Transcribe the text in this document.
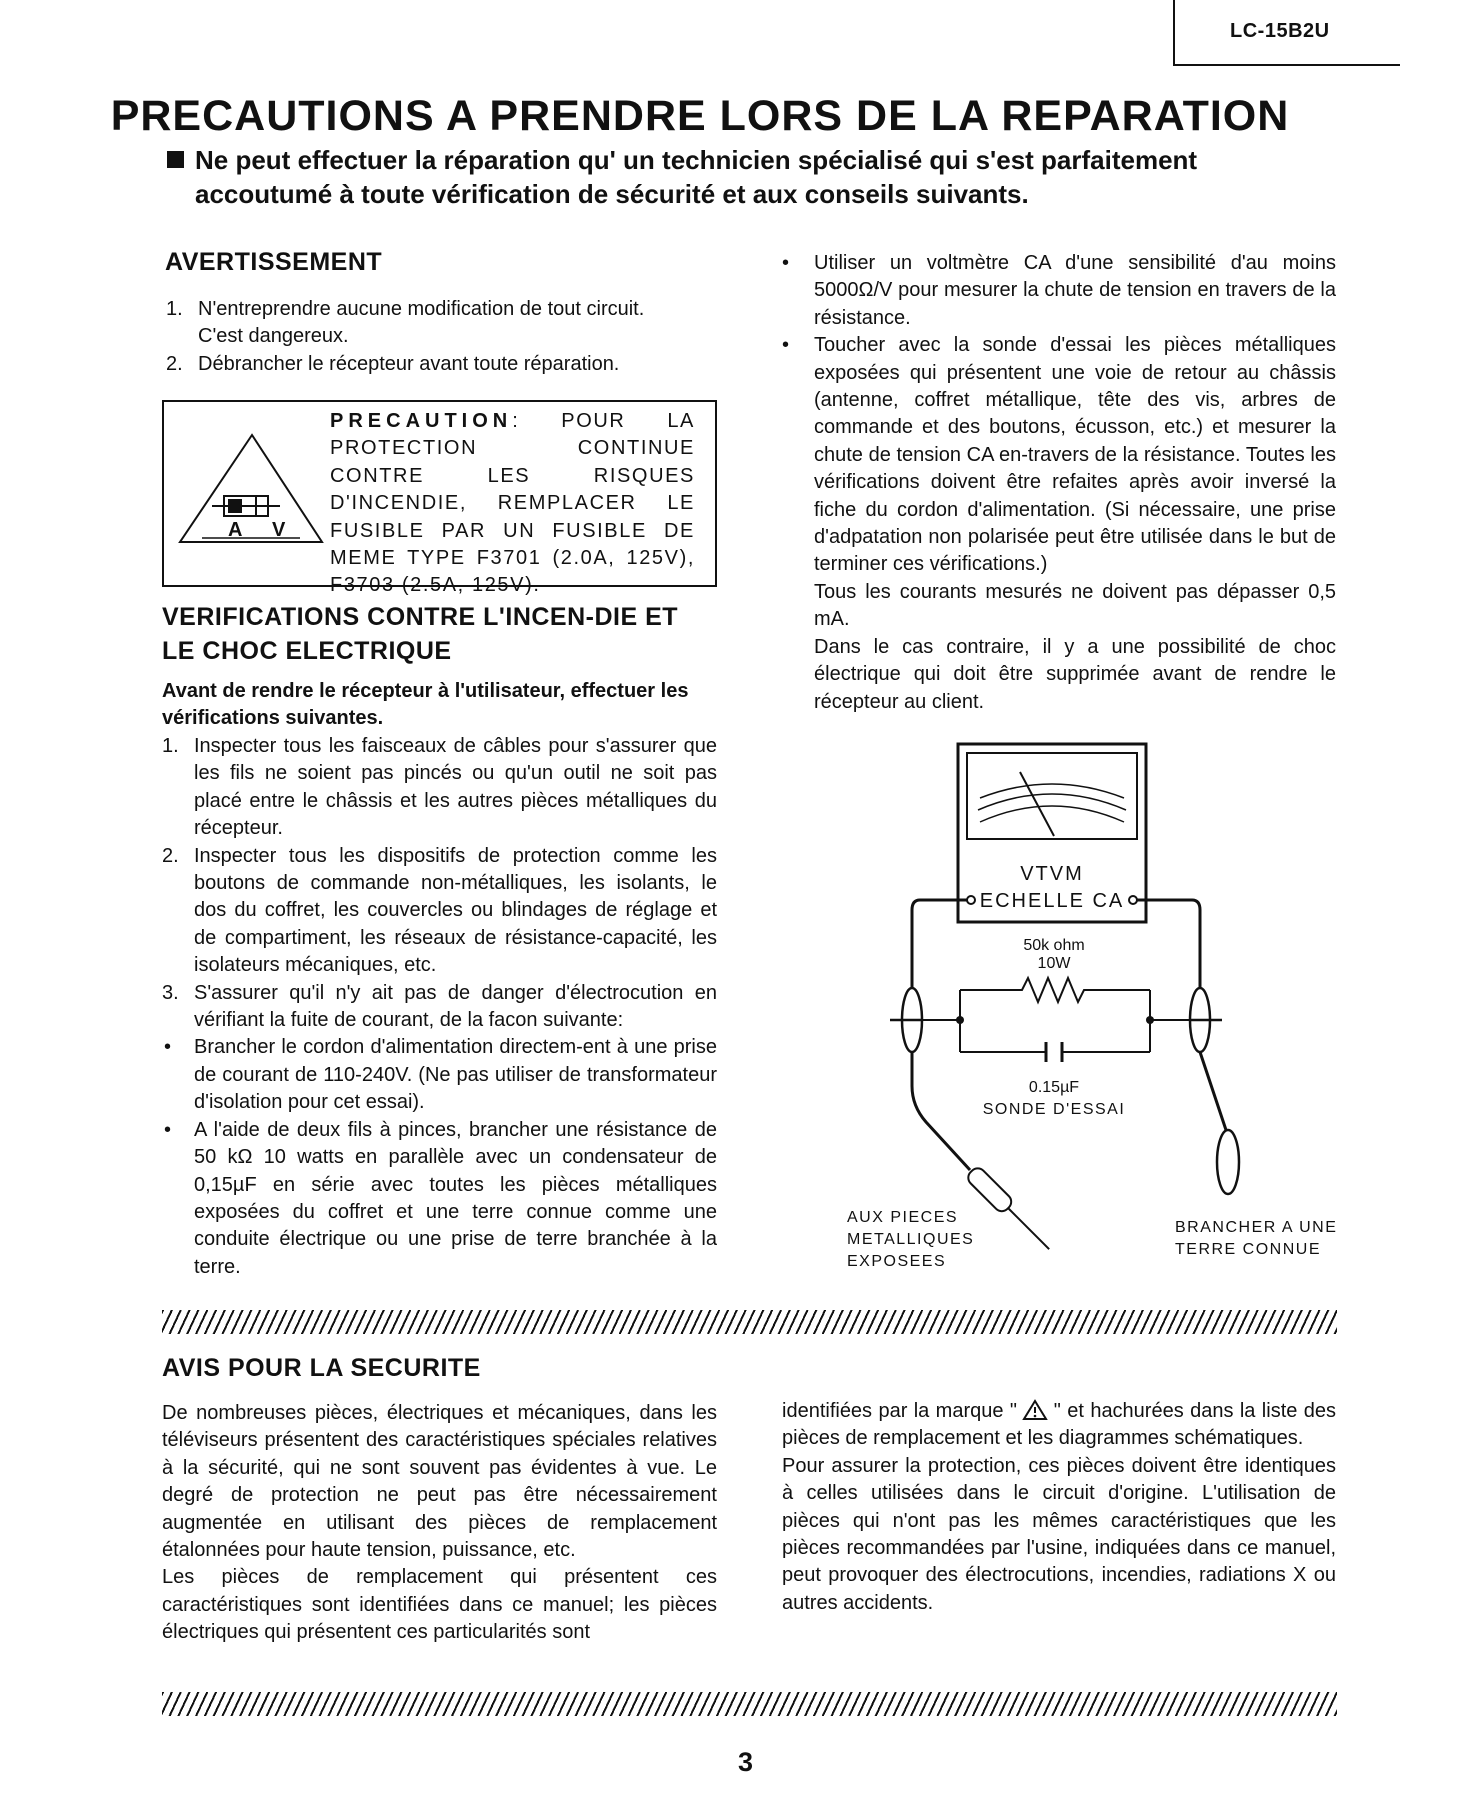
LC-15B2U
PRECAUTIONS A PRENDRE LORS DE LA REPARATION
Ne peut effectuer la réparation qu' un technicien spécialisé qui s'est parfaitement
accoutumé à toute vérification de sécurité et aux conseils suivants.
AVERTISSEMENT
1. N'entreprendre aucune modification de tout circuit.
C'est dangereux.
2. Débrancher le récepteur avant toute réparation.
A V
PRECAUTION: POUR LA PROTECTION CONTINUE CONTRE LES RISQUES D'INCENDIE, REMPLACER LE FUSIBLE PAR UN FUSIBLE DE MEME TYPE F3701 (2.0A, 125V), F3703 (2.5A, 125V).
VERIFICATIONS CONTRE L'INCEN-DIE ET
LE CHOC ELECTRIQUE
Avant de rendre le récepteur à l'utilisateur, effectuer les vérifications suivantes.
1. Inspecter tous les faisceaux de câbles pour s'assurer que les fils ne soient pas pincés ou qu'un outil ne soit pas placé entre le châssis et les autres pièces métalliques du récepteur.
2. Inspecter tous les dispositifs de protection comme les boutons de commande non-métalliques, les isolants, le dos du coffret, les couvercles ou blindages de réglage et de compartiment, les réseaux de résistance-capacité, les isolateurs mécaniques, etc.
3. S'assurer qu'il n'y ait pas de danger d'électrocution en vérifiant la fuite de courant, de la facon suivante:
• Brancher le cordon d'alimentation directem-ent à une prise de courant de 110-240V. (Ne pas utiliser de transformateur d'isolation pour cet essai).
• A l'aide de deux fils à pinces, brancher une résistance de 50 kΩ 10 watts en parallèle avec un condensateur de 0,15µF en série avec toutes les pièces métalliques exposées du coffret et une terre connue comme une conduite électrique ou une prise de terre branchée à la terre.
• Utiliser un voltmètre CA d'une sensibilité d'au moins 5000Ω/V pour mesurer la chute de tension en travers de la résistance.
• Toucher avec la sonde d'essai les pièces métalliques exposées qui présentent une voie de retour au châssis (antenne, coffret métallique, tête des vis, arbres de commande et des boutons, écusson, etc.) et mesurer la chute de tension CA en-travers de la résistance. Toutes les vérifications doivent être refaites après avoir inversé la fiche du cordon d'alimentation. (Si nécessaire, une prise d'adpatation non polarisée peut être utilisée dans le but de terminer ces vérifications.)
Tous les courants mesurés ne doivent pas dépasser 0,5 mA.
Dans le cas contraire, il y a une possibilité de choc électrique qui doit être supprimée avant de rendre le récepteur au client.
VTVM
ECHELLE CA
50k ohm
10W
0.15µF
SONDE D'ESSAI
AUX PIECES
METALLIQUES
EXPOSEES
BRANCHER A UNE
TERRE CONNUE
AVIS POUR LA SECURITE
De nombreuses pièces, électriques et mécaniques, dans les téléviseurs présentent des caractéristiques spéciales relatives à la sécurité, qui ne sont souvent pas évidentes à vue. Le degré de protection ne peut pas être nécessairement augmentée en utilisant des pièces de remplacement étalonnées pour haute tension, puissance, etc.
Les pièces de remplacement qui présentent ces caractéristiques sont identifiées dans ce manuel; les pièces électriques qui présentent ces particularités sont
identifiées par la marque " " et hachurées dans la liste des pièces de remplacement et les diagrammes schématiques.
Pour assurer la protection, ces pièces doivent être identiques à celles utilisées dans le circuit d'origine. L'utilisation de pièces qui n'ont pas les mêmes caractéristiques que les pièces recommandées par l'usine, indiquées dans ce manuel, peut provoquer des électrocutions, incendies, radiations X ou autres accidents.
3
